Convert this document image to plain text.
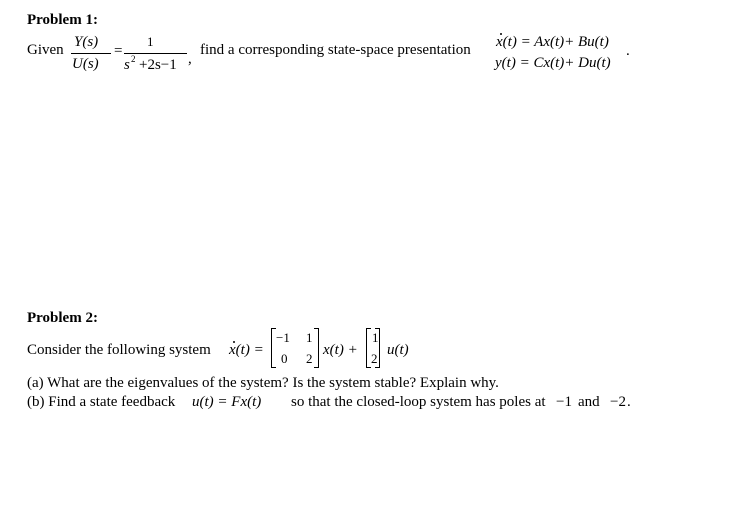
Problem 1:
Given Y(s)
U(s)
=
1
s 2 +2s−1 ,
find a corresponding state-space presentation x(t) = Ax(t)+ Bu(t)
y(t) = Cx(t)+ Du(t)
.
Problem 2:
Consider the following system x(t) =
−1 1
0 2
x(t) +
1
2
u(t)
(a) What are the eigenvalues of the system? Is the system stable? Explain why.
(b) Find a state feedback u(t) = Fx(t) so that the closed-loop system has poles at −1 and −2 .
